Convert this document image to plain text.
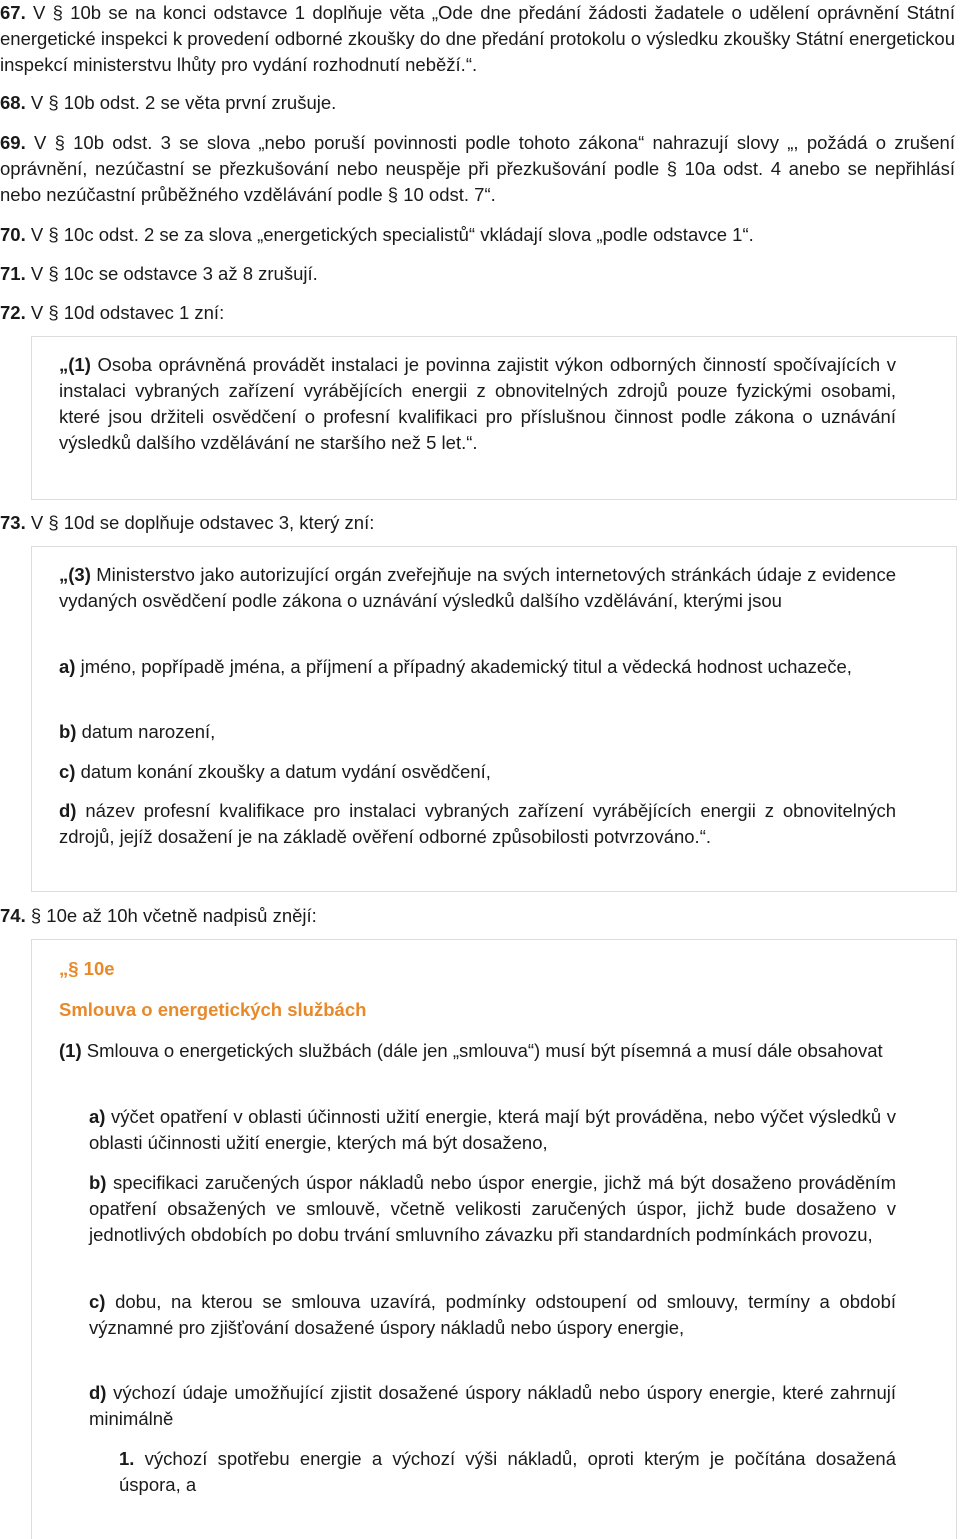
67. V § 10b se na konci odstavce 1 doplňuje věta „Ode dne předání žádosti žadatele o udělení oprávnění Státní energetické inspekci k provedení odborné zkoušky do dne předání protokolu o výsledku zkoušky Státní energetickou inspekcí ministerstvu lhůty pro vydání rozhodnutí neběží.“.

68. V § 10b odst. 2 se věta první zrušuje.

69. V § 10b odst. 3 se slova „nebo poruší povinnosti podle tohoto zákona“ nahrazují slovy „, požádá o zrušení oprávnění, nezúčastní se přezkušování nebo neuspěje při přezkušování podle § 10a odst. 4 anebo se nepřihlásí nebo nezúčastní průběžného vzdělávání podle § 10 odst. 7“.

70. V § 10c odst. 2 se za slova „energetických specialistů“ vkládají slova „podle odstavce 1“.

71. V § 10c se odstavce 3 až 8 zrušují.

72. V § 10d odstavec 1 zní:

„(1) Osoba oprávněná provádět instalaci je povinna zajistit výkon odborných činností spočívajících v instalaci vybraných zařízení vyrábějících energii z obnovitelných zdrojů pouze fyzickými osobami, které jsou držiteli osvědčení o profesní kvalifikaci pro příslušnou činnost podle zákona o uznávání výsledků dalšího vzdělávání ne staršího než 5 let.“.

73. V § 10d se doplňuje odstavec 3, který zní:

„(3) Ministerstvo jako autorizující orgán zveřejňuje na svých internetových stránkách údaje z evidence vydaných osvědčení podle zákona o uznávání výsledků dalšího vzdělávání, kterými jsou

a) jméno, popřípadě jména, a příjmení a případný akademický titul a vědecká hodnost uchazeče,

b) datum narození,

c) datum konání zkoušky a datum vydání osvědčení,

d) název profesní kvalifikace pro instalaci vybraných zařízení vyrábějících energii z obnovitelných zdrojů, jejíž dosažení je na základě ověření odborné způsobilosti potvrzováno.“.

74. § 10e až 10h včetně nadpisů znějí:

„§ 10e

Smlouva o energetických službách

(1) Smlouva o energetických službách (dále jen „smlouva“) musí být písemná a musí dále obsahovat

a) výčet opatření v oblasti účinnosti užití energie, která mají být prováděna, nebo výčet výsledků v oblasti účinnosti užití energie, kterých má být dosaženo,

b) specifikaci zaručených úspor nákladů nebo úspor energie, jichž má být dosaženo prováděním opatření obsažených ve smlouvě, včetně velikosti zaručených úspor, jichž bude dosaženo v jednotlivých obdobích po dobu trvání smluvního závazku při standardních podmínkách provozu,

c) dobu, na kterou se smlouva uzavírá, podmínky odstoupení od smlouvy, termíny a období významné pro zjišťování dosažené úspory nákladů nebo úspory energie,

d) výchozí údaje umožňující zjistit dosažené úspory nákladů nebo úspory energie, které zahrnují minimálně

1. výchozí spotřebu energie a výchozí výši nákladů, oproti kterým je počítána dosažená úspora, a
